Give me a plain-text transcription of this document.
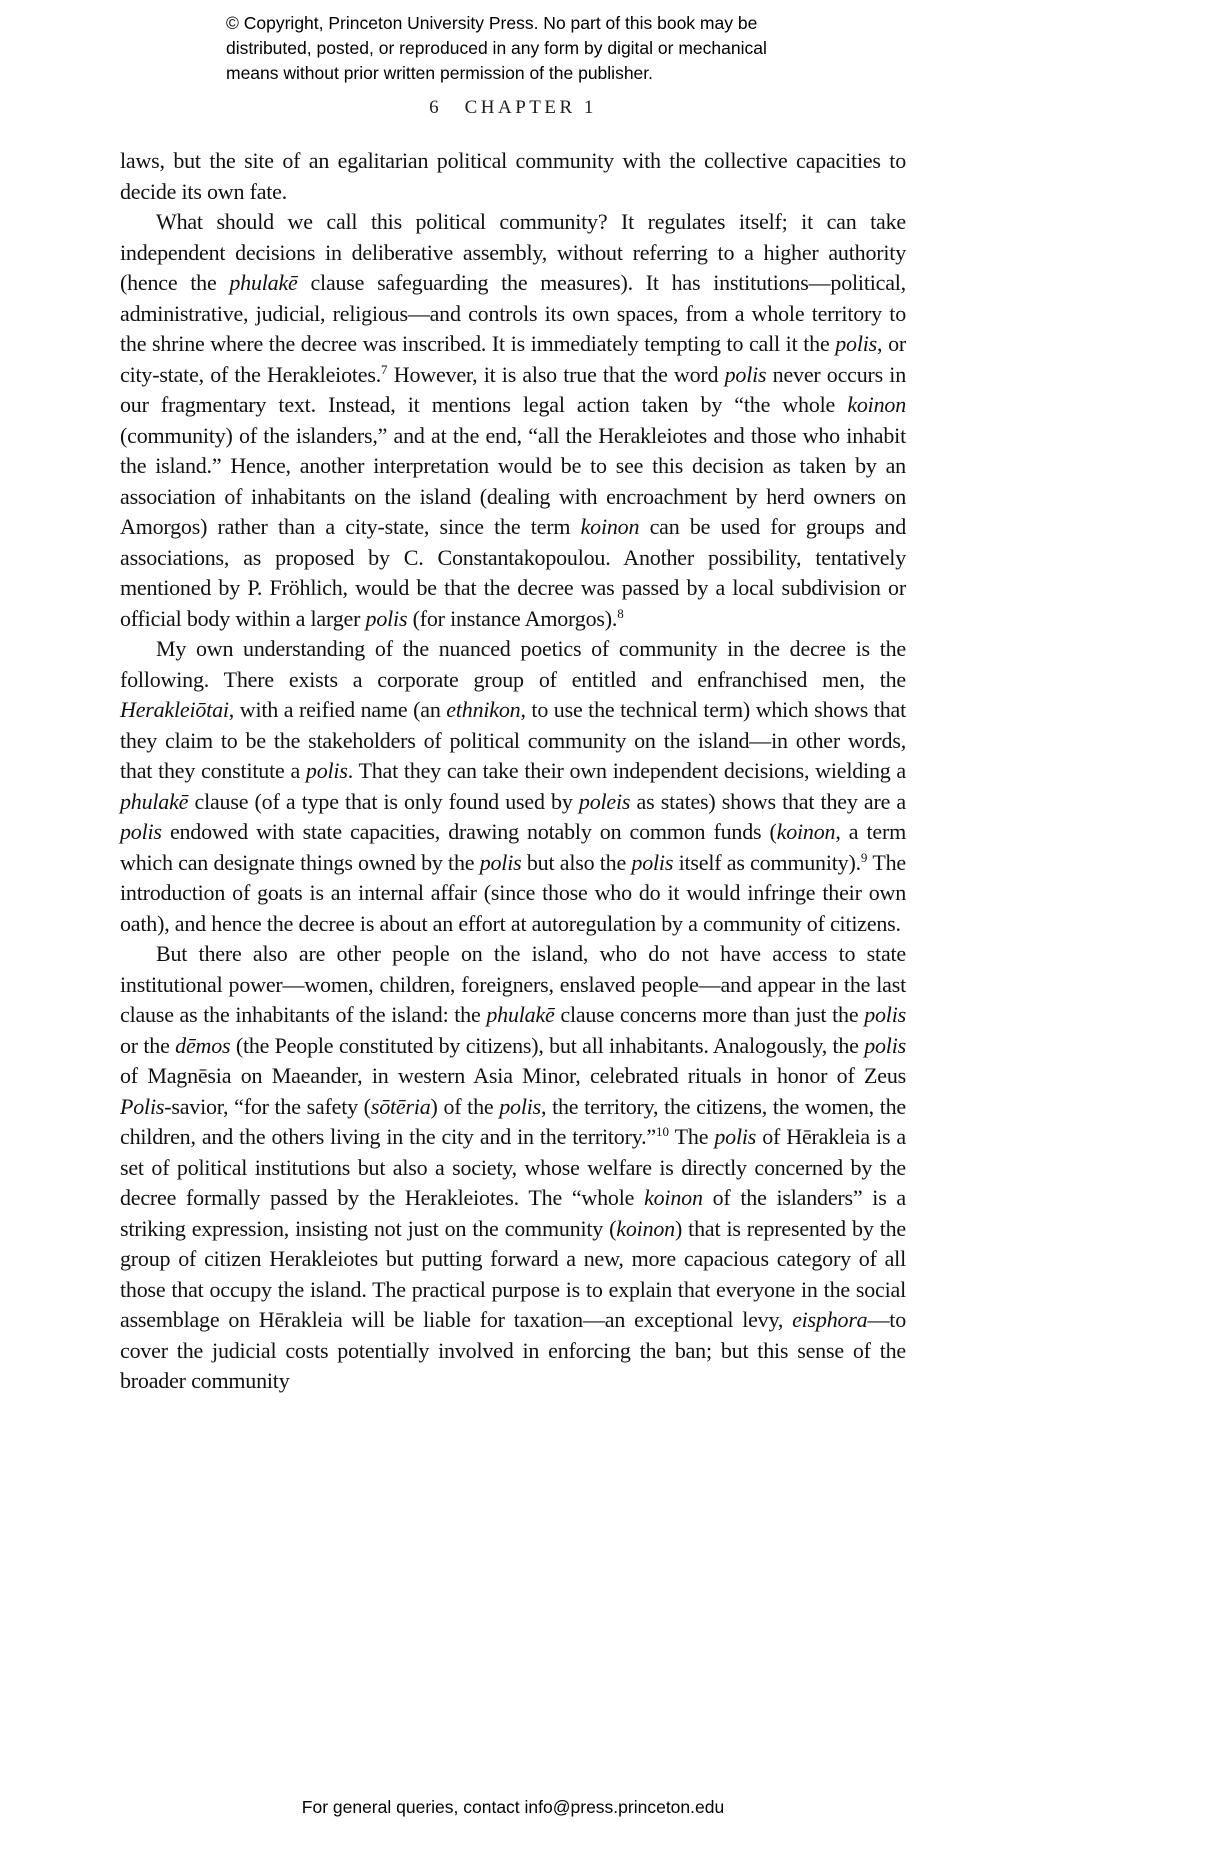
© Copyright, Princeton University Press. No part of this book may be
distributed, posted, or reproduced in any form by digital or mechanical
means without prior written permission of the publisher.
6 CHAPTER 1

laws, but the site of an egalitarian political community with the collective capacities to decide its own fate.

What should we call this political community? It regulates itself; it can take independent decisions in deliberative assembly, without referring to a higher authority (hence the phulakē clause safeguarding the measures). It has institutions—political, administrative, judicial, religious—and controls its own spaces, from a whole territory to the shrine where the decree was inscribed. It is immediately tempting to call it the polis, or city-state, of the Herakleiotes.$^7$ However, it is also true that the word polis never occurs in our fragmentary text. Instead, it mentions legal action taken by “the whole koinon (community) of the islanders,” and at the end, “all the Herakleiotes and those who inhabit the island.” Hence, another interpretation would be to see this decision as taken by an association of inhabitants on the island (dealing with encroachment by herd owners on Amorgos) rather than a city-state, since the term koinon can be used for groups and associations, as proposed by C. Constantakopoulou. Another possibility, tentatively mentioned by P. Fröhlich, would be that the decree was passed by a local subdivision or official body within a larger polis (for instance Amorgos).$^8$

My own understanding of the nuanced poetics of community in the decree is the following. There exists a corporate group of entitled and enfranchised men, the Herakleiōtai, with a reified name (an ethnikon, to use the technical term) which shows that they claim to be the stakeholders of political community on the island—in other words, that they constitute a polis. That they can take their own independent decisions, wielding a phulakē clause (of a type that is only found used by poleis as states) shows that they are a polis endowed with state capacities, drawing notably on common funds (koinon, a term which can designate things owned by the polis but also the polis itself as community).$^9$ The introduction of goats is an internal affair (since those who do it would infringe their own oath), and hence the decree is about an effort at autoregulation by a community of citizens.

But there also are other people on the island, who do not have access to state institutional power—women, children, foreigners, enslaved people—and appear in the last clause as the inhabitants of the island: the phulakē clause concerns more than just the polis or the dēmos (the People constituted by citizens), but all inhabitants. Analogously, the polis of Magnēsia on Maeander, in western Asia Minor, celebrated rituals in honor of Zeus Polis-savior, “for the safety (sōtēria) of the polis, the territory, the citizens, the women, the children, and the others living in the city and in the territory.”$^{10}$ The polis of Hērakleia is a set of political institutions but also a society, whose welfare is directly concerned by the decree formally passed by the Herakleiotes. The “whole koinon of the islanders” is a striking expression, insisting not just on the community (koinon) that is represented by the group of citizen Herakleiotes but putting forward a new, more capacious category of all those that occupy the island. The practical purpose is to explain that everyone in the social assemblage on Hērakleia will be liable for taxation—an exceptional levy, eisphora—to cover the judicial costs potentially involved in enforcing the ban; but this sense of the broader community

For general queries, contact info@press.princeton.edu
